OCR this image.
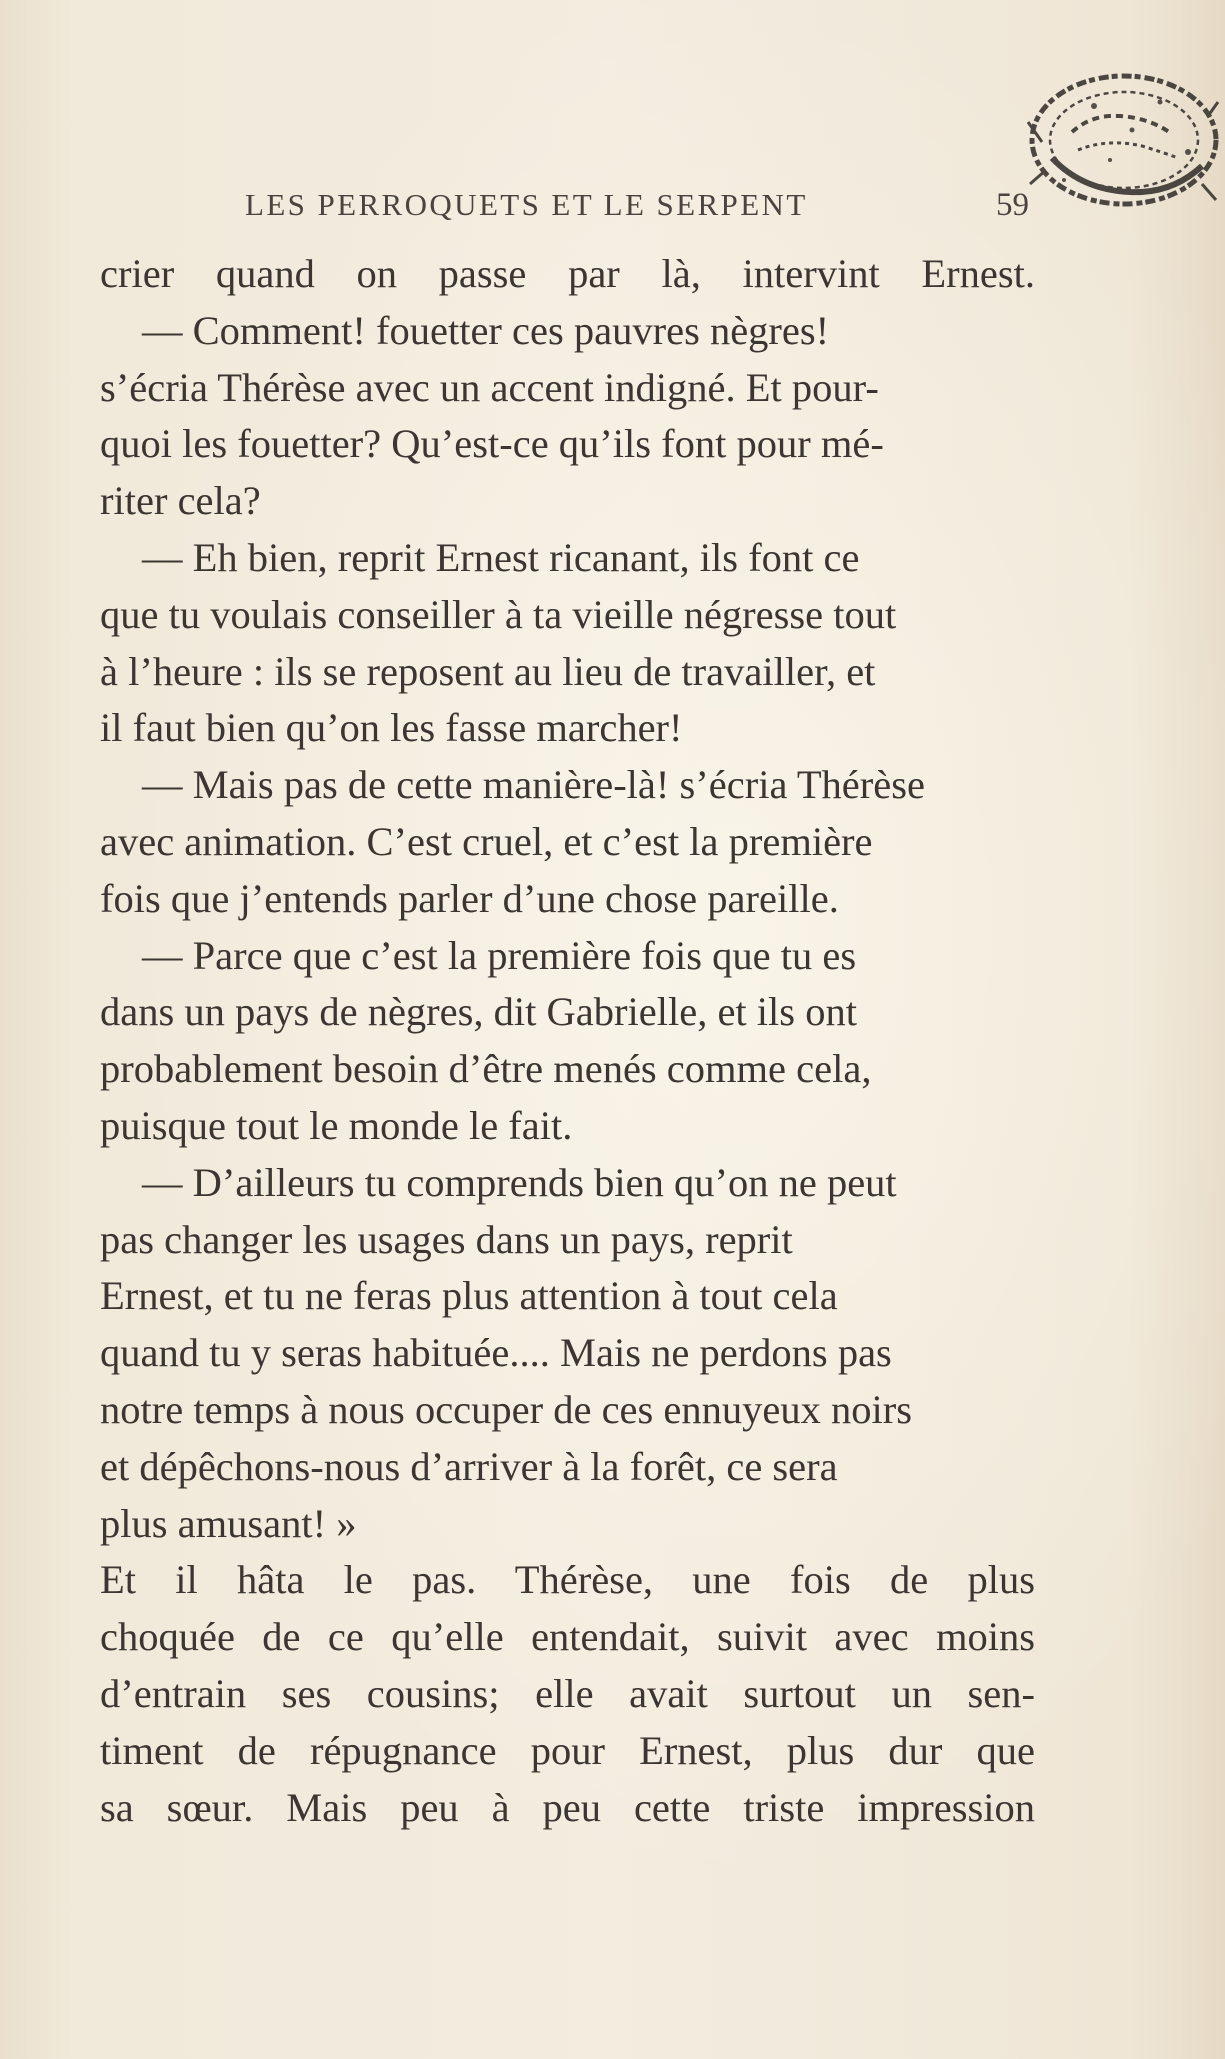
LES PERROQUETS ET LE SERPENT	59

crier quand on passe par là, intervint Ernest.

— Comment! fouetter ces pauvres nègres!
s’écria Thérèse avec un accent indigné. Et pour-
quoi les fouetter? Qu’est-ce qu’ils font pour mé-
riter cela?

— Eh bien, reprit Ernest ricanant, ils font ce
que tu voulais conseiller à ta vieille négresse tout
à l’heure : ils se reposent au lieu de travailler, et
il faut bien qu’on les fasse marcher!

— Mais pas de cette manière-là! s’écria Thérèse
avec animation. C’est cruel, et c’est la première
fois que j’entends parler d’une chose pareille.

— Parce que c’est la première fois que tu es
dans un pays de nègres, dit Gabrielle, et ils ont
probablement besoin d’être menés comme cela,
puisque tout le monde le fait.

— D’ailleurs tu comprends bien qu’on ne peut
pas changer les usages dans un pays, reprit
Ernest, et tu ne feras plus attention à tout cela
quand tu y seras habituée.... Mais ne perdons pas
notre temps à nous occuper de ces ennuyeux noirs
et dépêchons-nous d’arriver à la forêt, ce sera
plus amusant! »

Et il hâta le pas. Thérèse, une fois de plus
choquée de ce qu’elle entendait, suivit avec moins
d’entrain ses cousins; elle avait surtout un sen-
timent de répugnance pour Ernest, plus dur que
sa sœur. Mais peu à peu cette triste impression
